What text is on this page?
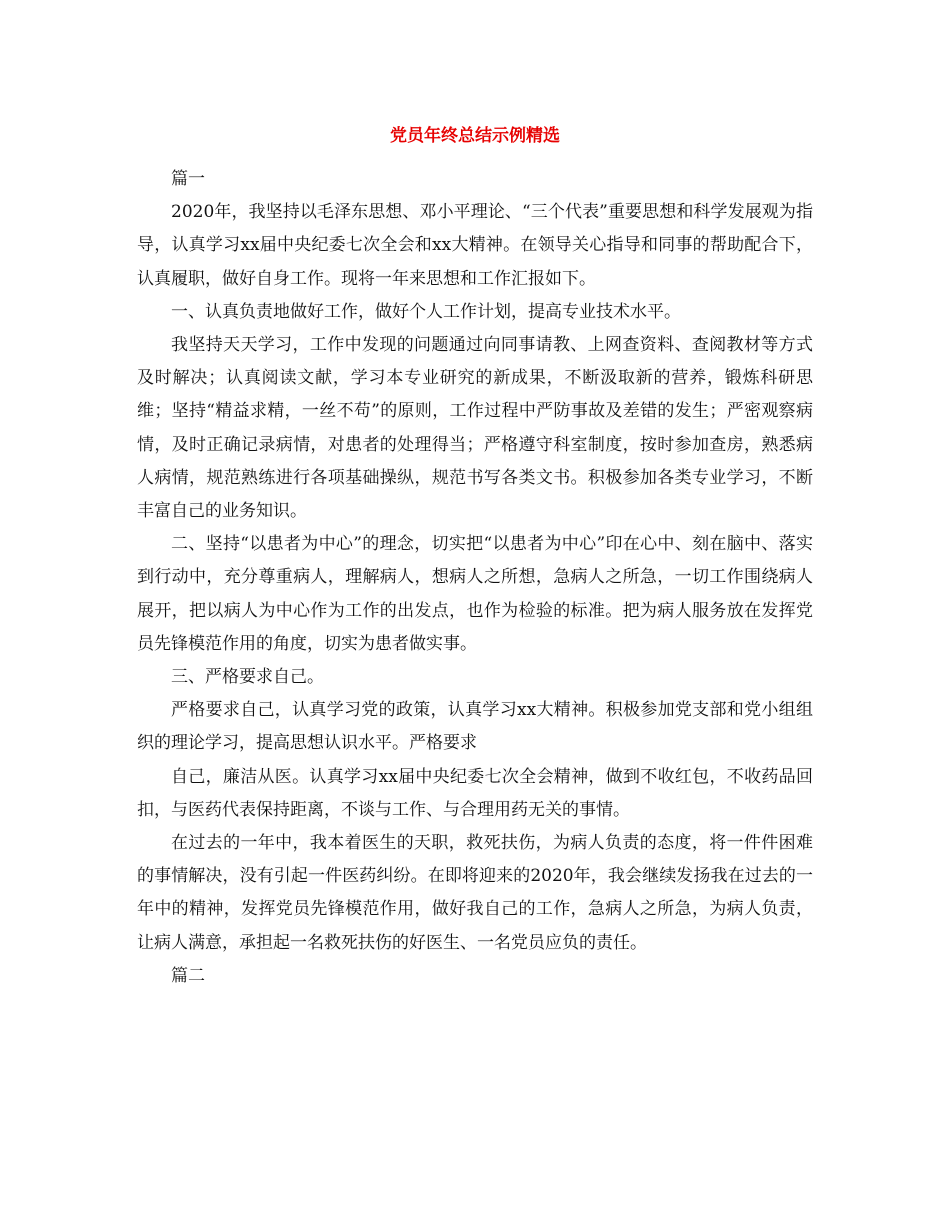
党员年终总结示例精选

篇一

2020年，我坚持以毛泽东思想、邓小平理论、“三个代表”重要思想和科学发展观为指导，认真学习xx届中央纪委七次全会和xx大精神。在领导关心指导和同事的帮助配合下，认真履职，做好自身工作。现将一年来思想和工作汇报如下。

一、认真负责地做好工作，做好个人工作计划，提高专业技术水平。

我坚持天天学习，工作中发现的问题通过向同事请教、上网查资料、查阅教材等方式及时解决；认真阅读文献，学习本专业研究的新成果，不断汲取新的营养，锻炼科研思维；坚持“精益求精，一丝不苟”的原则，工作过程中严防事故及差错的发生；严密观察病情，及时正确记录病情，对患者的处理得当；严格遵守科室制度，按时参加查房，熟悉病人病情，规范熟练进行各项基础操纵，规范书写各类文书。积极参加各类专业学习，不断丰富自己的业务知识。

二、坚持“以患者为中心”的理念，切实把“以患者为中心”印在心中、刻在脑中、落实到行动中，充分尊重病人，理解病人，想病人之所想，急病人之所急，一切工作围绕病人展开，把以病人为中心作为工作的出发点，也作为检验的标准。把为病人服务放在发挥党员先锋模范作用的角度，切实为患者做实事。

三、严格要求自己。

严格要求自己，认真学习党的政策，认真学习xx大精神。积极参加党支部和党小组组织的理论学习，提高思想认识水平。严格要求

自己，廉洁从医。认真学习xx届中央纪委七次全会精神，做到不收红包，不收药品回扣，与医药代表保持距离，不谈与工作、与合理用药无关的事情。

在过去的一年中，我本着医生的天职，救死扶伤，为病人负责的态度，将一件件困难的事情解决，没有引起一件医药纠纷。在即将迎来的2020年，我会继续发扬我在过去的一年中的精神，发挥党员先锋模范作用，做好我自己的工作，急病人之所急，为病人负责，让病人满意，承担起一名救死扶伤的好医生、一名党员应负的责任。

篇二
